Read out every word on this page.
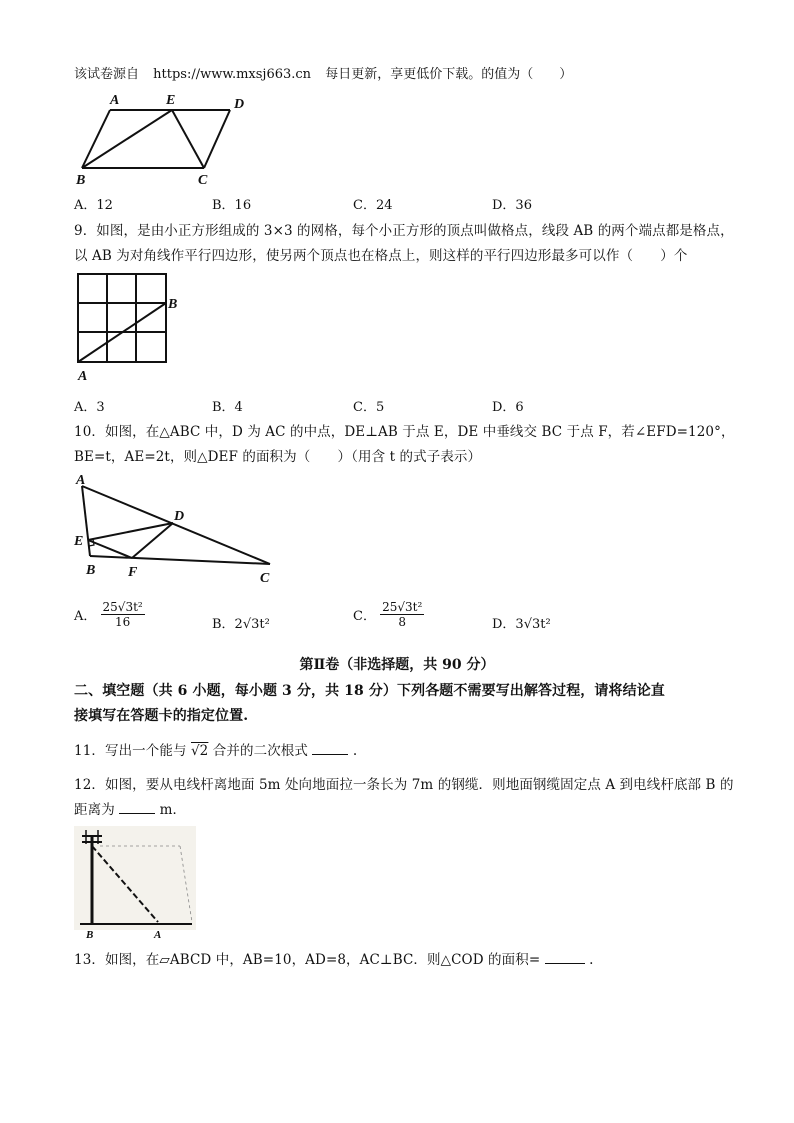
该试卷源自 https://www.mxsj663.cn 每日更新，享更低价下载。的值为（　　）
A	E	D
B	C
A．12	B．16	C．24	D．36
9．如图，是由小正方形组成的 3×3 的网格，每个小正方形的顶点叫做格点，线段 AB 的两个端点都是格点，
以 AB 为对角线作平行四边形，使另两个顶点也在格点上，则这样的平行四边形最多可以作（　　）个
B
A
A．3	B．4	C．5	D．6
10．如图，在△ABC 中，D 为 AC 的中点，DE⊥AB 于点 E，DE 中垂线交 BC 于点 F，若∠EFD=120°，
BE=t，AE=2t，则△DEF 的面积为（　　）（用含 t 的式子表示）
A
D
E
B F	C
A． $\frac{\text{25√3t²}}{16}$	B．2√3t²
C． $\frac{\text{25√3t²}}{8}$	D．3√3t²
第Ⅱ卷（非选择题，共 90 分）
二、填空题（共 6 小题，每小题 3 分，共 18 分）下列各题不需要写出解答过程，请将结论直
接填写在答题卡的指定位置.
11．写出一个能与 √2 合并的二次根式	.
12．如图，要从电线杆离地面 5m 处向地面拉一条长为 7m 的钢缆．则地面钢缆固定点 A 到电线杆底部 B 的
距离为	m．
B	A
13．如图，在▱ABCD 中，AB=10，AD=8，AC⊥BC．则△COD 的面积=	.
